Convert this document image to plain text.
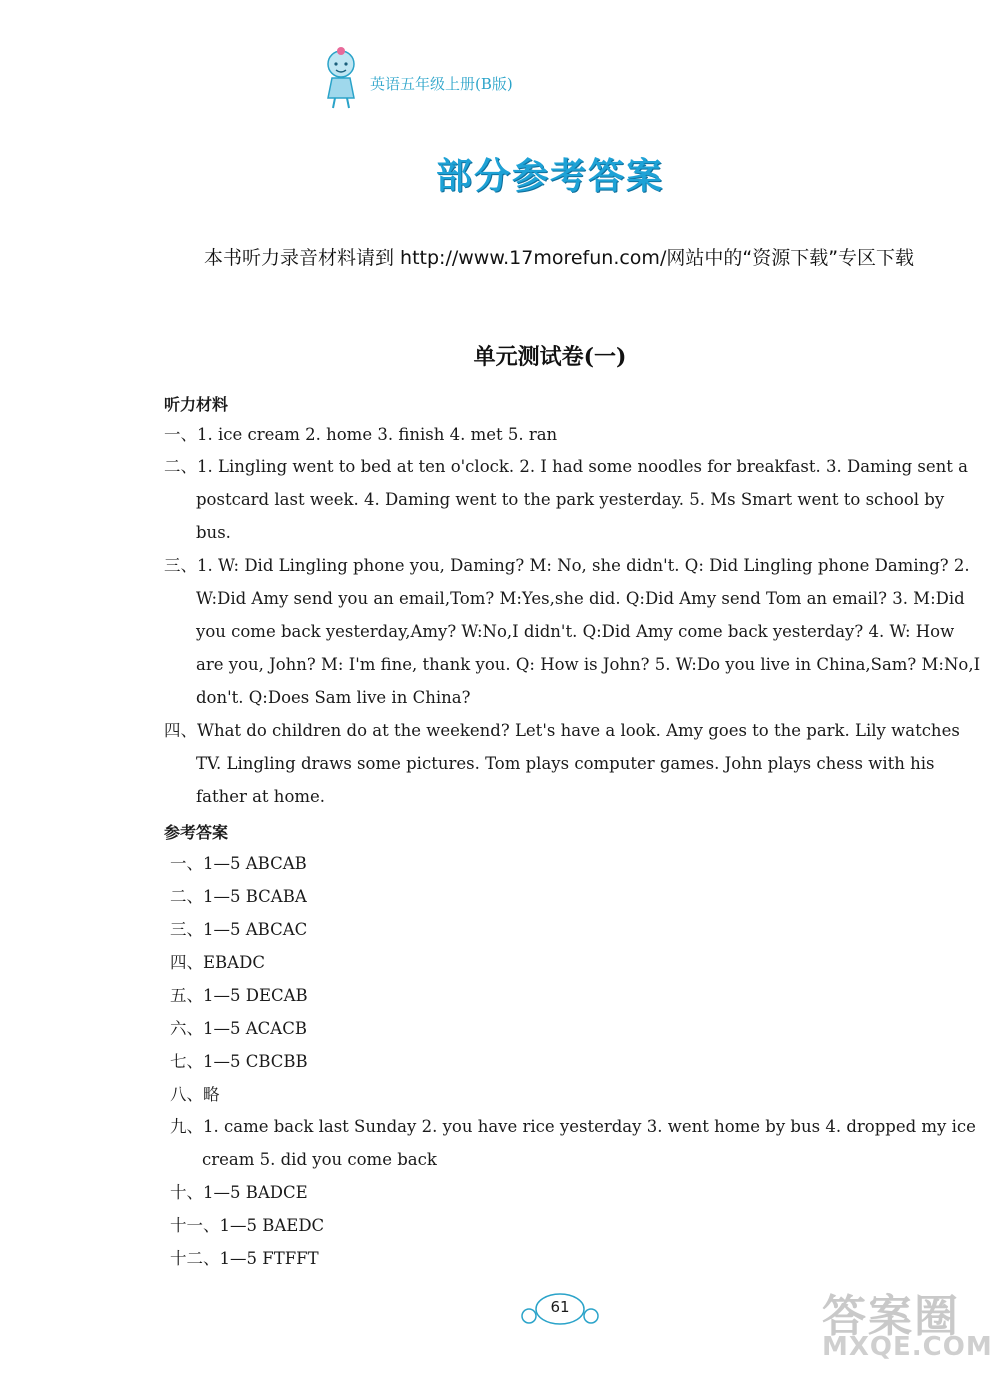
英语五年级上册(B版)
部分参考答案
本书听力录音材料请到 http://www.17morefun.com/网站中的“资源下载”专区下载
单元测试卷(一)
听力材料
一、1. ice cream 2. home 3. finish 4. met 5. ran
二、1. Lingling went to bed at ten o'clock. 2. I had some noodles for breakfast. 3. Daming sent a postcard last week. 4. Daming went to the park yesterday. 5. Ms Smart went to school by bus.
三、1. W: Did Lingling phone you, Daming? M: No, she didn't. Q: Did Lingling phone Daming? 2. W:Did Amy send you an email,Tom? M:Yes,she did. Q:Did Amy send Tom an email? 3. M:Did you come back yesterday,Amy? W:No,I didn't. Q:Did Amy come back yesterday? 4. W: How are you, John? M: I'm fine, thank you. Q: How is John? 5. W:Do you live in China,Sam? M:No,I don't. Q:Does Sam live in China?
四、What do children do at the weekend? Let's have a look. Amy goes to the park. Lily watches TV. Lingling draws some pictures. Tom plays computer games. John plays chess with his father at home.
参考答案
一、1—5 ABCAB
二、1—5 BCABA
三、1—5 ABCAC
四、EBADC
五、1—5 DECAB
六、1—5 ACACB
七、1—5 CBCBB
八、略
九、1. came back last Sunday 2. you have rice yesterday 3. went home by bus 4. dropped my ice cream 5. did you come back
十、1—5 BADCE
十一、1—5 BAEDC
十二、1—5 FTFFT
61	答案圈
MXQE.COM
